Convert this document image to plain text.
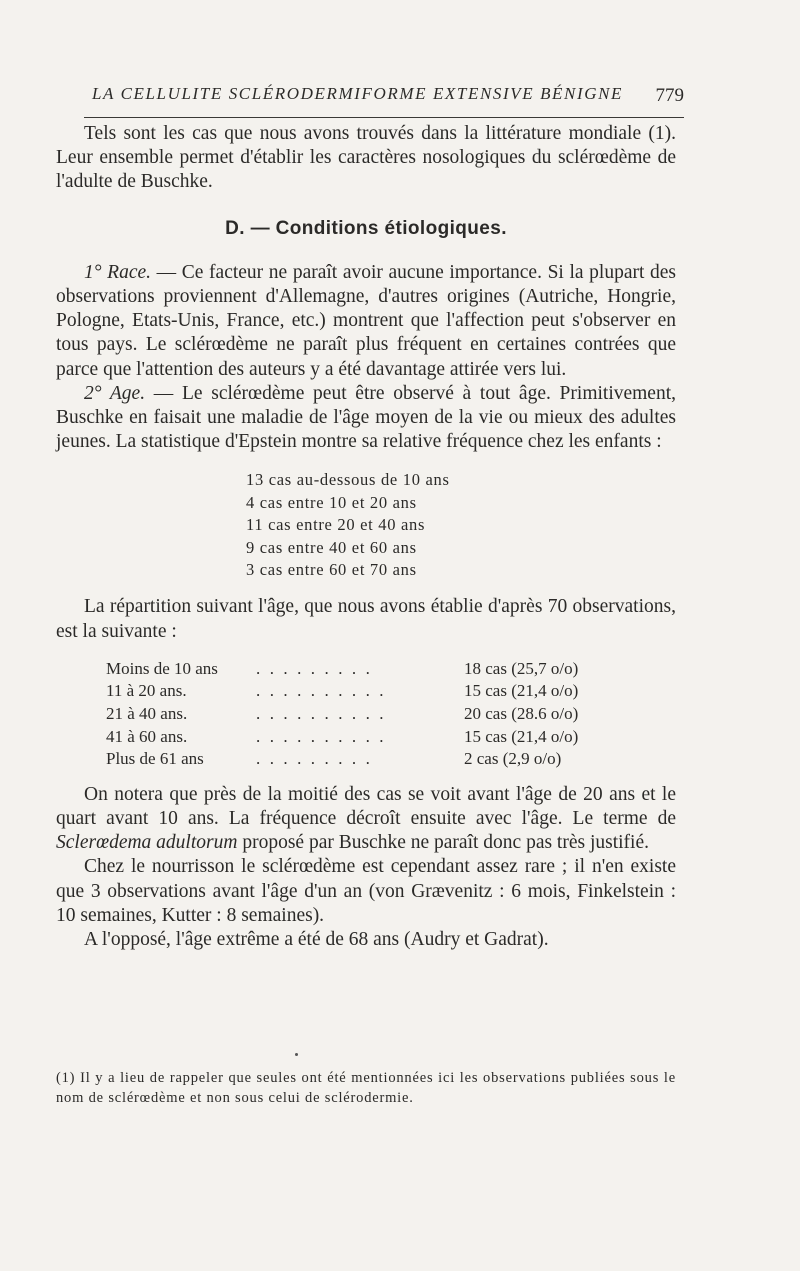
LA CELLULITE SCLÉRODERMIFORME EXTENSIVE BÉNIGNE 779

Tels sont les cas que nous avons trouvés dans la littérature mondiale (1). Leur ensemble permet d'établir les caractères nosologiques du sclérœdème de l'adulte de Buschke.

D. — Conditions étiologiques.

1° Race. — Ce facteur ne paraît avoir aucune importance. Si la plupart des observations proviennent d'Allemagne, d'autres origines (Autriche, Hongrie, Pologne, Etats-Unis, France, etc.) montrent que l'affection peut s'observer en tous pays. Le sclérœdème ne paraît plus fréquent en certaines contrées que parce que l'attention des auteurs y a été davantage attirée vers lui.

2° Age. — Le sclérœdème peut être observé à tout âge. Primitivement, Buschke en faisait une maladie de l'âge moyen de la vie ou mieux des adultes jeunes. La statistique d'Epstein montre sa relative fréquence chez les enfants :

13 cas au-dessous de 10 ans
4 cas entre 10 et 20 ans
11 cas entre 20 et 40 ans
9 cas entre 40 et 60 ans
3 cas entre 60 et 70 ans

La répartition suivant l'âge, que nous avons établie d'après 70 observations, est la suivante :

Moins de 10 ans	. . . . . . . . .	18 cas (25,7 o/o)
11 à 20 ans.	. . . . . . . . . .	15 cas (21,4 o/o)
21 à 40 ans.	. . . . . . . . . .	20 cas (28.6 o/o)
41 à 60 ans.	. . . . . . . . . .	15 cas (21,4 o/o)
Plus de 61 ans	. . . . . . . . .	2 cas (2,9 o/o)

On notera que près de la moitié des cas se voit avant l'âge de 20 ans et le quart avant 10 ans. La fréquence décroît ensuite avec l'âge. Le terme de Sclerœdema adultorum proposé par Buschke ne paraît donc pas très justifié.

Chez le nourrisson le sclérœdème est cependant assez rare ; il n'en existe que 3 observations avant l'âge d'un an (von Grævenitz : 6 mois, Finkelstein : 10 semaines, Kutter : 8 semaines).

A l'opposé, l'âge extrême a été de 68 ans (Audry et Gadrat).

(1) Il y a lieu de rappeler que seules ont été mentionnées ici les observations publiées sous le nom de sclérœdème et non sous celui de sclérodermie.
